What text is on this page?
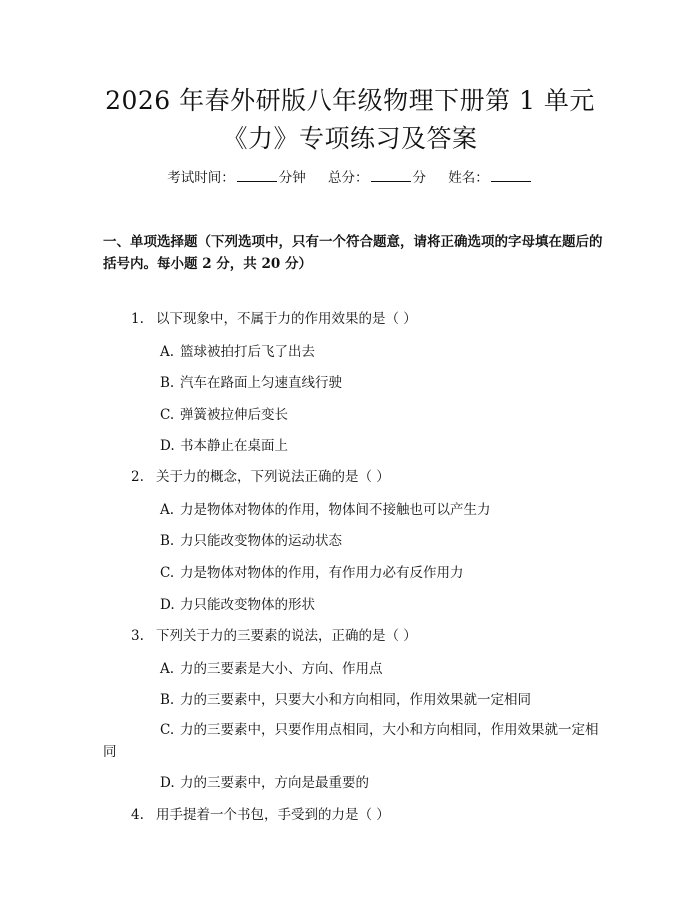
2026 年春外研版八年级物理下册第 1 单元
《力》专项练习及答案
考试时间：	分钟 总分：	分 姓名：
一、单项选择题（下列选项中，只有一个符合题意，请将正确选项的字母填在题后的括号内。每小题 2 分，共 20 分）
1. 以下现象中，不属于力的作用效果的是（ ）
A. 篮球被拍打后飞了出去
B. 汽车在路面上匀速直线行驶
C. 弹簧被拉伸后变长
D. 书本静止在桌面上
2. 关于力的概念，下列说法正确的是（ ）
A. 力是物体对物体的作用，物体间不接触也可以产生力
B. 力只能改变物体的运动状态
C. 力是物体对物体的作用，有作用力必有反作用力
D. 力只能改变物体的形状
3. 下列关于力的三要素的说法，正确的是（ ）
A. 力的三要素是大小、方向、作用点
B. 力的三要素中，只要大小和方向相同，作用效果就一定相同
C. 力的三要素中，只要作用点相同，大小和方向相同，作用效果就一定相同
D. 力的三要素中，方向是最重要的
4. 用手提着一个书包，手受到的力是（ ）
